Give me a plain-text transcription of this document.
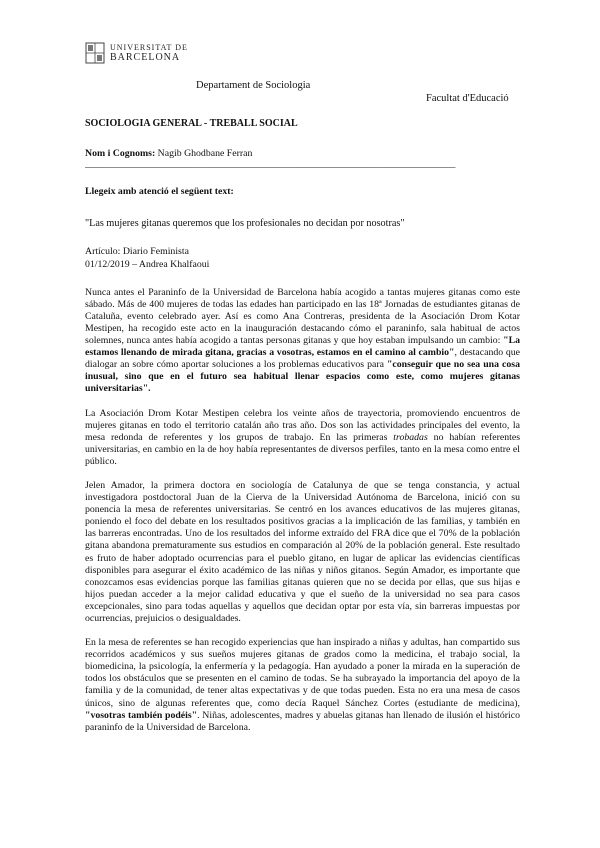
UNIVERSITAT DE
BARCELONA
Departament de Sociologia
Facultat d'Educació

SOCIOLOGIA GENERAL - TREBALL SOCIAL

Nom i Cognoms: Nagib Ghodbane Ferran

——————————————————————————————————————————

Llegeix amb atenció el següent text:

"Las mujeres gitanas queremos que los profesionales no decidan por nosotras"

Artículo: Diario Feminista
01/12/2019 – Andrea Khalfaoui

Nunca antes el Paraninfo de la Universidad de Barcelona había acogido a tantas mujeres gitanas como este sábado. Más de 400 mujeres de todas las edades han participado en las 18ª Jornadas de estudiantes gitanas de Cataluña, evento celebrado ayer. Así es como Ana Contreras, presidenta de la Asociación Drom Kotar Mestipen, ha recogido este acto en la inauguración destacando cómo el paraninfo, sala habitual de actos solemnes, nunca antes había acogido a tantas personas gitanas y que hoy estaban impulsando un cambio: "La estamos llenando de mirada gitana, gracias a vosotras, estamos en el camino al cambio", destacando que dialogar an sobre cómo aportar soluciones a los problemas educativos para "conseguir que no sea una cosa inusual, sino que en el futuro sea habitual llenar espacios como este, como mujeres gitanas universitarias".

La Asociación Drom Kotar Mestipen celebra los veinte años de trayectoria, promoviendo encuentros de mujeres gitanas en todo el territorio catalán año tras año. Dos son las actividades principales del evento, la mesa redonda de referentes y los grupos de trabajo. En las primeras trobadas no habían referentes universitarias, en cambio en la de hoy había representantes de diversos perfiles, tanto en la mesa como entre el público.

Jelen Amador, la primera doctora en sociología de Catalunya de que se tenga constancia, y actual investigadora postdoctoral Juan de la Cierva de la Universidad Autónoma de Barcelona, inició con su ponencia la mesa de referentes universitarias. Se centró en los avances educativos de las mujeres gitanas, poniendo el foco del debate en los resultados positivos gracias a la implicación de las familias, y también en las barreras encontradas. Uno de los resultados del informe extraído del FRA dice que el 70% de la población gitana abandona prematuramente sus estudios en comparación al 20% de la población general. Este resultado es fruto de haber adoptado ocurrencias para el pueblo gitano, en lugar de aplicar las evidencias científicas disponibles para asegurar el éxito académico de las niñas y niños gitanos. Según Amador, es importante que conozcamos esas evidencias porque las familias gitanas quieren que no se decida por ellas, que sus hijas e hijos puedan acceder a la mejor calidad educativa y que el sueño de la universidad no sea para casos excepcionales, sino para todas aquellas y aquellos que decidan optar por esta vía, sin barreras impuestas por ocurrencias, prejuicios o desigualdades.

En la mesa de referentes se han recogido experiencias que han inspirado a niñas y adultas, han compartido sus recorridos académicos y sus sueños mujeres gitanas de grados como la medicina, el trabajo social, la biomedicina, la psicología, la enfermería y la pedagogía. Han ayudado a poner la mirada en la superación de todos los obstáculos que se presenten en el camino de todas. Se ha subrayado la importancia del apoyo de la familia y de la comunidad, de tener altas expectativas y de que todas pueden. Esta no era una mesa de casos únicos, sino de algunas referentes que, como decía Raquel Sánchez Cortes (estudiante de medicina), "vosotras también podéis". Niñas, adolescentes, madres y abuelas gitanas han llenado de ilusión el histórico paraninfo de la Universidad de Barcelona.
